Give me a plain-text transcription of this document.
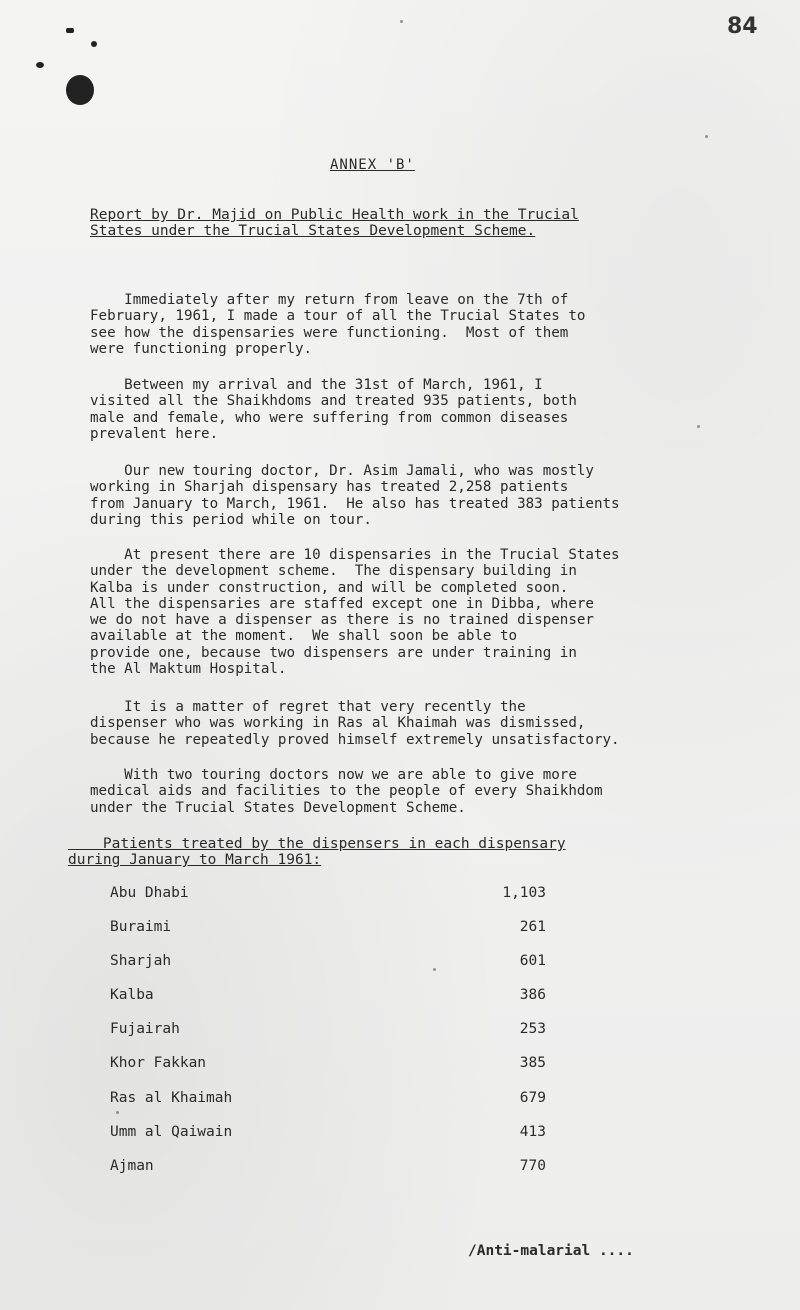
84
ANNEX 'B'
Report by Dr. Majid on Public Health work in the Trucial
States under the Trucial States Development Scheme.
Immediately after my return from leave on the 7th of
February, 1961, I made a tour of all the Trucial States to
see how the dispensaries were functioning.  Most of them
were functioning properly.
Between my arrival and the 31st of March, 1961, I
visited all the Shaikhdoms and treated 935 patients, both
male and female, who were suffering from common diseases
prevalent here.
Our new touring doctor, Dr. Asim Jamali, who was mostly
working in Sharjah dispensary has treated 2,258 patients
from January to March, 1961.  He also has treated 383 patients
during this period while on tour.
At present there are 10 dispensaries in the Trucial States
under the development scheme.  The dispensary building in
Kalba is under construction, and will be completed soon.
All the dispensaries are staffed except one in Dibba, where
we do not have a dispenser as there is no trained dispenser
available at the moment.  We shall soon be able to
provide one, because two dispensers are under training in
the Al Maktum Hospital.
It is a matter of regret that very recently the
dispenser who was working in Ras al Khaimah was dismissed,
because he repeatedly proved himself extremely unsatisfactory.
With two touring doctors now we are able to give more
medical aids and facilities to the people of every Shaikhdom
under the Trucial States Development Scheme.
Patients treated by the dispensers in each dispensary
during January to March 1961:
Abu Dhabi	1,103
Buraimi	261
Sharjah	601
Kalba	386
Fujairah	253
Khor Fakkan	385
Ras al Khaimah	679
Umm al Qaiwain	413
Ajman	770
/Anti-malarial ....
